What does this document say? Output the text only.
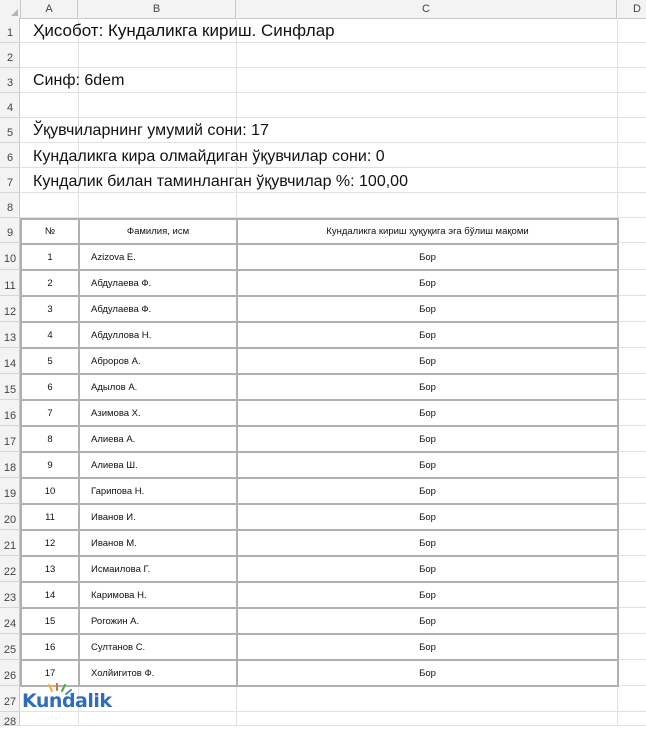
A	B	C	D
1
2
3
4
5
6
7
8
9
10
11
12
13
14
15
16
17
18
19
20
21
22
23
24
25
26
27
28
Ҳисобот: Кундаликга кириш. Синфлар
Синф: 6dem
Ўқувчиларнинг умумий сони: 17
Кундаликга кира олмайдиган ўқувчилар сони: 0
Кундалик билан таминланган ўқувчилар %: 100,00
№	Фамилия, исм	Кундаликга кириш ҳуқуқига эга бўлиш мақоми
1	Azizova E.	Бор
2	Абдулаева Ф.	Бор
3	Абдулаева Ф.	Бор
4	Абдуллова Н.	Бор
5	Аброров А.	Бор
6	Адылов А.	Бор
7	Азимова Х.	Бор
8	Алиева А.	Бор
9	Алиева Ш.	Бор
10	Гарипова Н.	Бор
11	Иванов И.	Бор
12	Иванов М.	Бор
13	Исмаилова Г.	Бор
14	Каримова Н.	Бор
15	Рогожин А.	Бор
16	Султанов С.	Бор
17	Холйигитов Ф.	Бор
Kundalik
